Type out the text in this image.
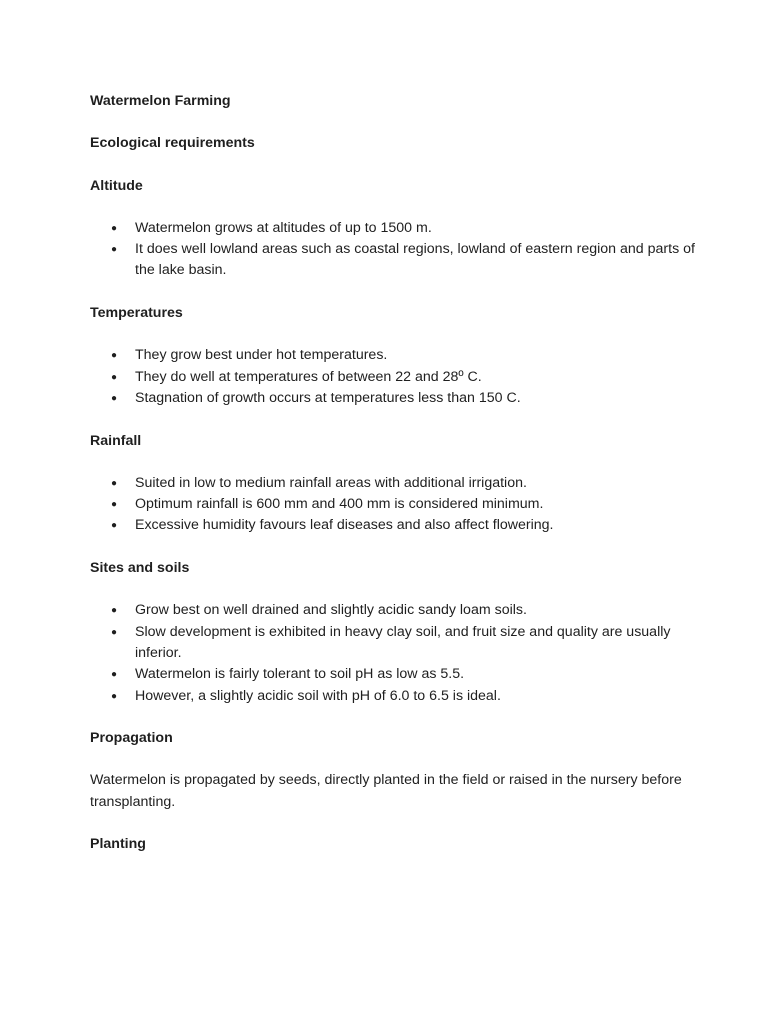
Watermelon Farming
Ecological requirements
Altitude
● Watermelon grows at altitudes of up to 1500 m.
● It does well lowland areas such as coastal regions, lowland of eastern region and parts of the lake basin.
Temperatures
● They grow best under hot temperatures.
● They do well at temperatures of between 22 and 28º C.
● Stagnation of growth occurs at temperatures less than 150 C.
Rainfall
● Suited in low to medium rainfall areas with additional irrigation.
● Optimum rainfall is 600 mm and 400 mm is considered minimum.
● Excessive humidity favours leaf diseases and also affect flowering.
Sites and soils
● Grow best on well drained and slightly acidic sandy loam soils.
● Slow development is exhibited in heavy clay soil, and fruit size and quality are usually inferior.
● Watermelon is fairly tolerant to soil pH as low as 5.5.
● However, a slightly acidic soil with pH of 6.0 to 6.5 is ideal.
Propagation

Watermelon is propagated by seeds, directly planted in the field or raised in the nursery before transplanting.

Planting
